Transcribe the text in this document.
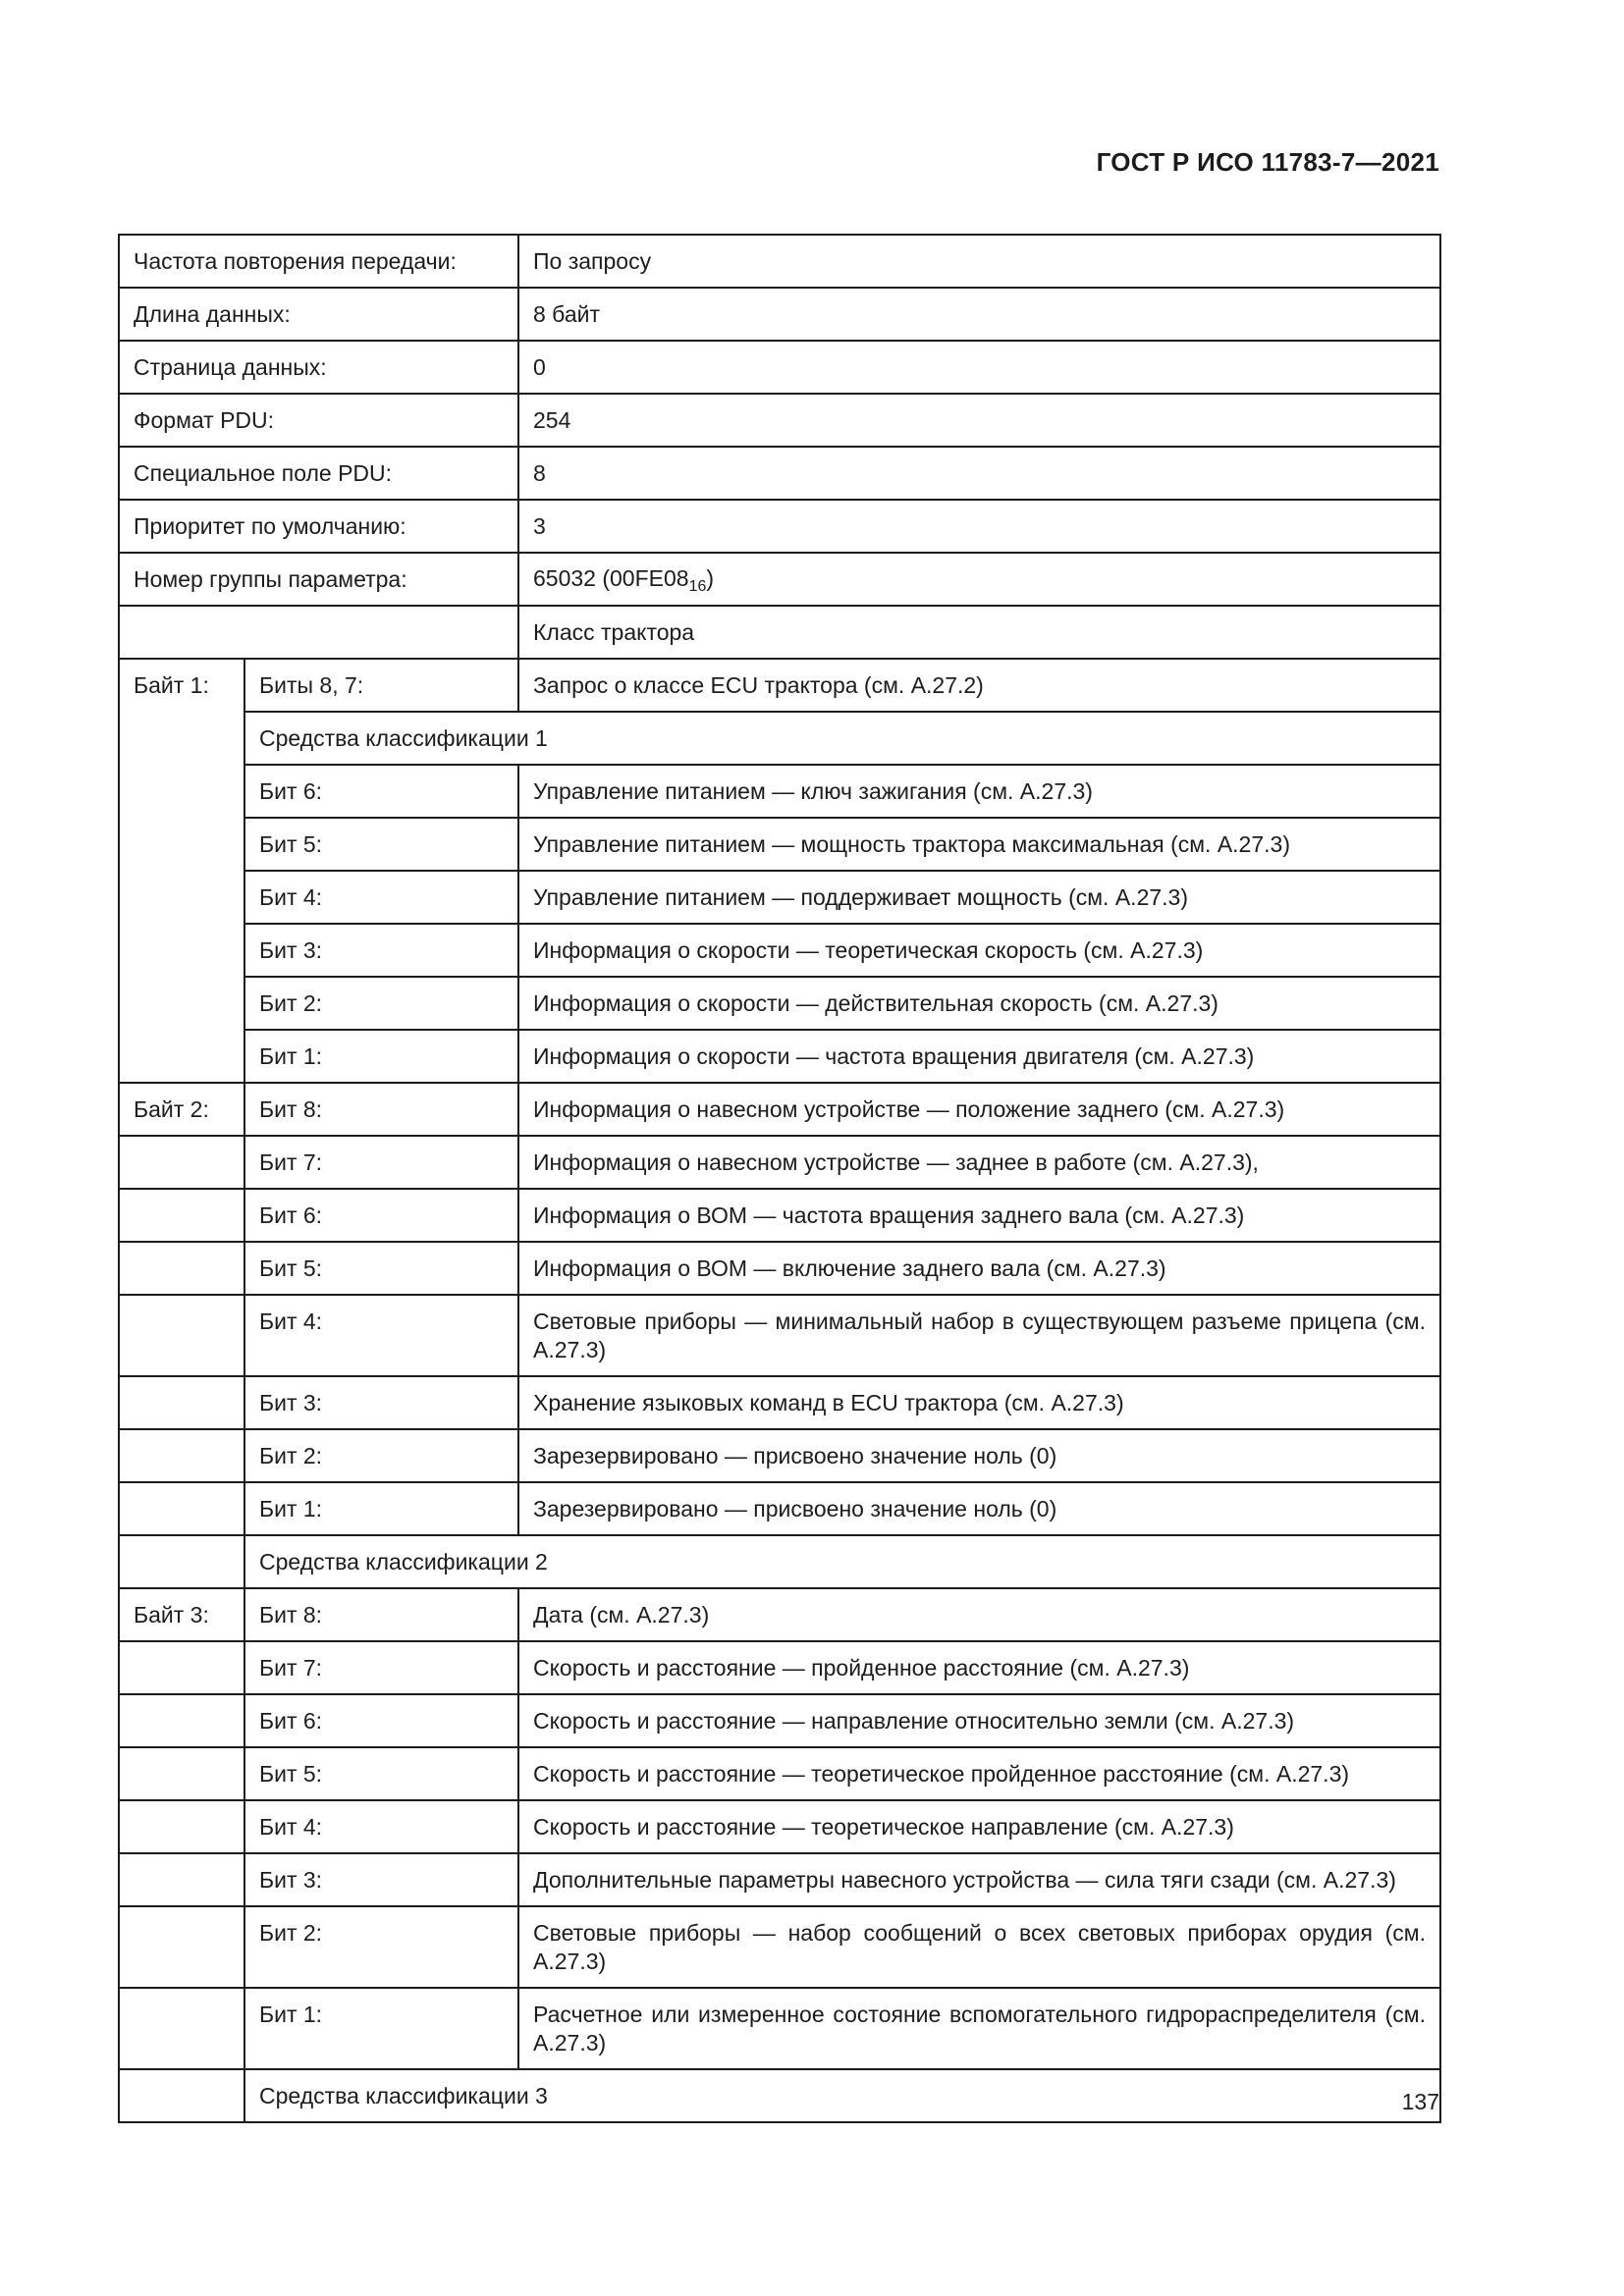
ГОСТ Р ИСО 11783-7—2021
Частота повторения передачи:		По запросу
Длина данных:		8 байт
Страница данных:		0
Формат PDU:		254
Специальное поле PDU:		8
Приоритет по умолчанию:		3
Номер группы параметра:		65032 $(00FE08_{16})$
		Класс трактора
Байт 1:	Биты 8, 7:	Запрос о классе ECU трактора (см. А.27.2)
	Средства классификации 1	
	Бит 6:	Управление питанием — ключ зажигания (см. А.27.3)
	Бит 5:	Управление питанием — мощность трактора максимальная (см. А.27.3)
	Бит 4:	Управление питанием — поддерживает мощность (см. А.27.3)
	Бит 3:	Информация о скорости — теоретическая скорость (см. А.27.3)
	Бит 2:	Информация о скорости — действительная скорость (см. А.27.3)
	Бит 1:	Информация о скорости — частота вращения двигателя (см. А.27.3)
Байт 2:	Бит 8:	Информация о навесном устройстве — положение заднего (см. А.27.3)
	Бит 7:	Информация о навесном устройстве — заднее в работе (см. А.27.3),
	Бит 6:	Информация о ВОМ — частота вращения заднего вала (см. А.27.3)
	Бит 5:	Информация о ВОМ — включение заднего вала (см. А.27.3)
	Бит 4:	Световые приборы — минимальный набор в существующем разъеме прицепа (см. А.27.3)
	Бит 3:	Хранение языковых команд в ECU трактора (см. А.27.3)
	Бит 2:	Зарезервировано — присвоено значение ноль (0)
	Бит 1:	Зарезервировано — присвоено значение ноль (0)
	Средства классификации 2	
Байт 3:	Бит 8:	Дата (см. А.27.3)
	Бит 7:	Скорость и расстояние — пройденное расстояние (см. А.27.3)
	Бит 6:	Скорость и расстояние — направление относительно земли (см. А.27.3)
	Бит 5:	Скорость и расстояние — теоретическое пройденное расстояние (см. А.27.3)
	Бит 4:	Скорость и расстояние — теоретическое направление (см. А.27.3)
	Бит 3:	Дополнительные параметры навесного устройства — сила тяги сзади (см. А.27.3)
	Бит 2:	Световые приборы — набор сообщений о всех световых приборах орудия (см. А.27.3)
	Бит 1:	Расчетное или измеренное состояние вспомогательного гидрораспределителя (см. А.27.3)
	Средства классификации 3		137
